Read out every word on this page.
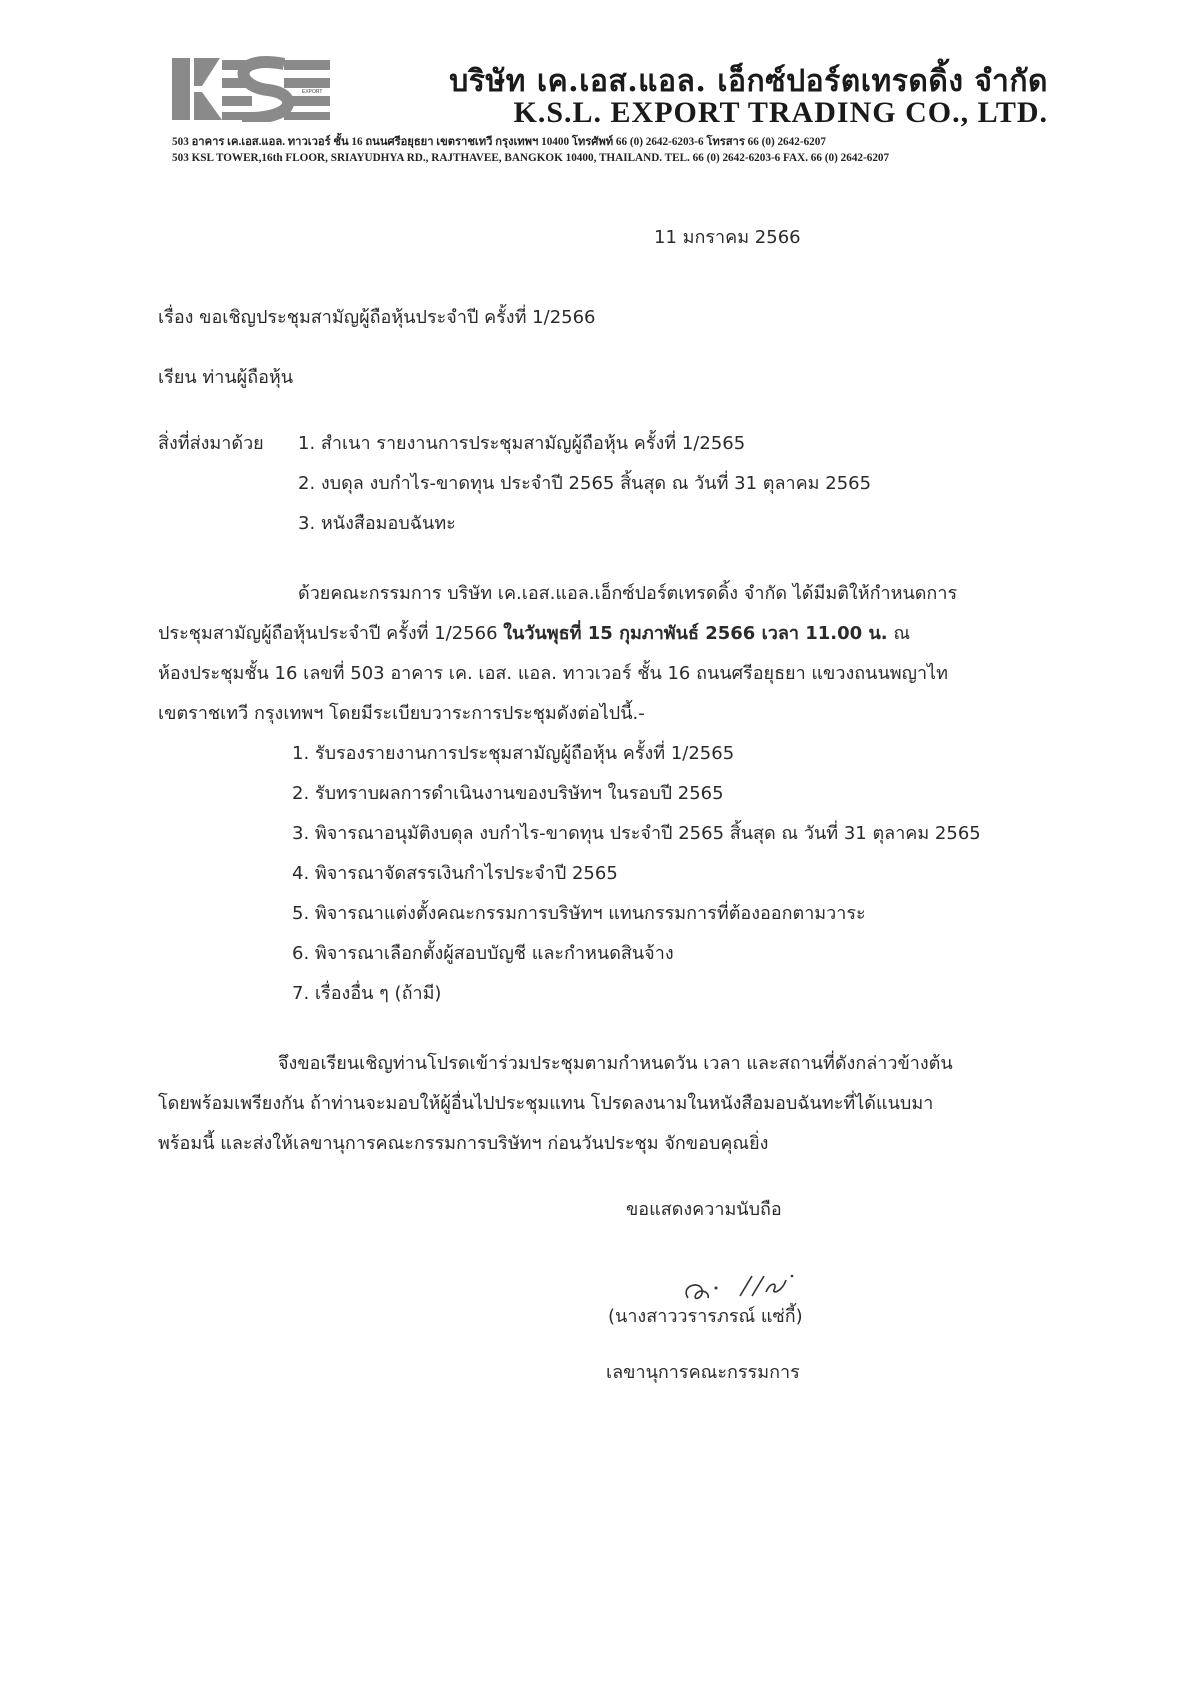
EXPORT	บริษัท เค.เอส.แอล. เอ็กซ์ปอร์ตเทรดดิ้ง จำกัด
K.S.L. EXPORT TRADING CO., LTD.
503 อาคาร เค.เอส.แอล. ทาวเวอร์ ชั้น 16 ถนนศรีอยุธยา เขตราชเทวี กรุงเทพฯ 10400 โทรศัพท์ 66 (0) 2642-6203-6 โทรสาร 66 (0) 2642-6207
503 KSL TOWER,16th FLOOR, SRIAYUDHYA RD., RAJTHAVEE, BANGKOK 10400, THAILAND. TEL. 66 (0) 2642-6203-6 FAX. 66 (0) 2642-6207
11 มกราคม 2566
เรื่อง ขอเชิญประชุมสามัญผู้ถือหุ้นประจำปี ครั้งที่ 1/2566
เรียน ท่านผู้ถือหุ้น
สิ่งที่ส่งมาด้วย 1. สำเนา รายงานการประชุมสามัญผู้ถือหุ้น ครั้งที่ 1/2565
2. งบดุล งบกำไร-ขาดทุน ประจำปี 2565 สิ้นสุด ณ วันที่ 31 ตุลาคม 2565
3. หนังสือมอบฉันทะ
ด้วยคณะกรรมการ บริษัท เค.เอส.แอล.เอ็กซ์ปอร์ตเทรดดิ้ง จำกัด ได้มีมติให้กำหนดการ
ประชุมสามัญผู้ถือหุ้นประจำปี ครั้งที่ 1/2566 ในวันพุธที่ 15 กุมภาพันธ์ 2566 เวลา 11.00 น. ณ
ห้องประชุมชั้น 16 เลขที่ 503 อาคาร เค. เอส. แอล. ทาวเวอร์ ชั้น 16 ถนนศรีอยุธยา แขวงถนนพญาไท
เขตราชเทวี กรุงเทพฯ โดยมีระเบียบวาระการประชุมดังต่อไปนี้.-
1. รับรองรายงานการประชุมสามัญผู้ถือหุ้น ครั้งที่ 1/2565
2. รับทราบผลการดำเนินงานของบริษัทฯ ในรอบปี 2565
3. พิจารณาอนุมัติงบดุล งบกำไร-ขาดทุน ประจำปี 2565 สิ้นสุด ณ วันที่ 31 ตุลาคม 2565
4. พิจารณาจัดสรรเงินกำไรประจำปี 2565
5. พิจารณาแต่งตั้งคณะกรรมการบริษัทฯ แทนกรรมการที่ต้องออกตามวาระ
6. พิจารณาเลือกตั้งผู้สอบบัญชี และกำหนดสินจ้าง
7. เรื่องอื่น ๆ (ถ้ามี)
จึงขอเรียนเชิญท่านโปรดเข้าร่วมประชุมตามกำหนดวัน เวลา และสถานที่ดังกล่าวข้างต้น
โดยพร้อมเพรียงกัน ถ้าท่านจะมอบให้ผู้อื่นไปประชุมแทน โปรดลงนามในหนังสือมอบฉันทะที่ได้แนบมา
พร้อมนี้ และส่งให้เลขานุการคณะกรรมการบริษัทฯ ก่อนวันประชุม จักขอบคุณยิ่ง
ขอแสดงความนับถือ
(นางสาววรารภรณ์ แซ่กี้)
เลขานุการคณะกรรมการ
